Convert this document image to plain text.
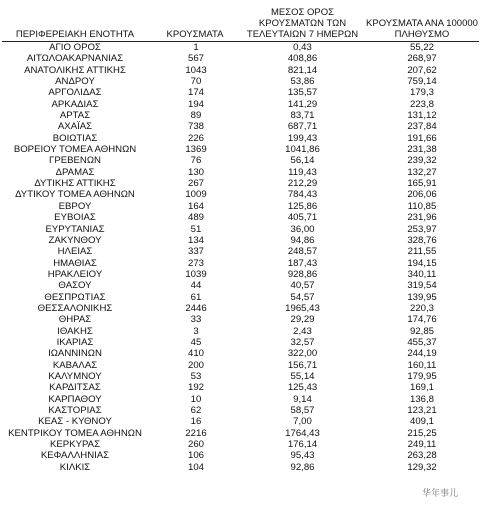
ΠΕΡΙΦΕΡΕΙΑΚΗ ΕΝΟΤΗΤΑ	ΚΡΟΥΣΜΑΤΑ
ΜΕΣΟΣ ΟΡΟΣ
ΚΡΟΥΣΜΑΤΩΝ ΤΩΝ
ΤΕΛΕΥΤΑΙΩΝ 7 ΗΜΕΡΩΝ
ΚΡΟΥΣΜΑΤΑ ΑΝΑ 100000
ΠΛΗΘΥΣΜΟ
ΑΓΙΟ ΟΡΟΣ	1	0,43	55,22
ΑΙΤΩΛΟΑΚΑΡΝΑΝΙΑΣ	567	408,86	268,97
ΑΝΑΤΟΛΙΚΗΣ ΑΤΤΙΚΗΣ	1043	821,14	207,62
ΑΝΔΡΟΥ	70	53,86	759,14
ΑΡΓΟΛΙΔΑΣ	174	135,57	179,3
ΑΡΚΑΔΙΑΣ	194	141,29	223,8
ΑΡΤΑΣ	89	83,71	131,12
ΑΧΑΪΑΣ	738	687,71	237,84
ΒΟΙΩΤΙΑΣ	226	199,43	191,66
ΒΟΡΕΙΟΥ ΤΟΜΕΑ ΑΘΗΝΩΝ	1369	1041,86	231,38
ΓΡΕΒΕΝΩΝ	76	56,14	239,32
ΔΡΑΜΑΣ	130	119,43	132,27
ΔΥΤΙΚΗΣ ΑΤΤΙΚΗΣ	267	212,29	165,91
ΔΥΤΙΚΟΥ ΤΟΜΕΑ ΑΘΗΝΩΝ	1009	784,43	206,06
ΕΒΡΟΥ	164	125,86	110,85
ΕΥΒΟΙΑΣ	489	405,71	231,96
ΕΥΡΥΤΑΝΙΑΣ	51	36,00	253,97
ΖΑΚΥΝΘΟΥ	134	94,86	328,76
ΗΛΕΙΑΣ	337	248,57	211,55
ΗΜΑΘΙΑΣ	273	187,43	194,15
ΗΡΑΚΛΕΙΟΥ	1039	928,86	340,11
ΘΑΣΟΥ	44	40,57	319,54
ΘΕΣΠΡΩΤΙΑΣ	61	54,57	139,95
ΘΕΣΣΑΛΟΝΙΚΗΣ	2446	1965,43	220,3
ΘΗΡΑΣ	33	29,29	174,76
ΙΘΑΚΗΣ	3	2,43	92,85
ΙΚΑΡΙΑΣ	45	32,57	455,37
ΙΩΑΝΝΙΝΩΝ	410	322,00	244,19
ΚΑΒΑΛΑΣ	200	156,71	160,11
ΚΑΛΥΜΝΟΥ	53	55,14	179,95
ΚΑΡΔΙΤΣΑΣ	192	125,43	169,1
ΚΑΡΠΑΘΟΥ	10	9,14	136,8
ΚΑΣΤΟΡΙΑΣ	62	58,57	123,21
ΚΕΑΣ - ΚΥΘΝΟΥ	16	7,00	409,1
ΚΕΝΤΡΙΚΟΥ ΤΟΜΕΑ ΑΘΗΝΩΝ	2216	1764,43	215,25
ΚΕΡΚΥΡΑΣ	260	176,14	249,11
ΚΕΦΑΛΛΗΝΙΑΣ	106	95,43	263,28
ΚΙΛΚΙΣ	104	92,86	129,32
华年事儿
